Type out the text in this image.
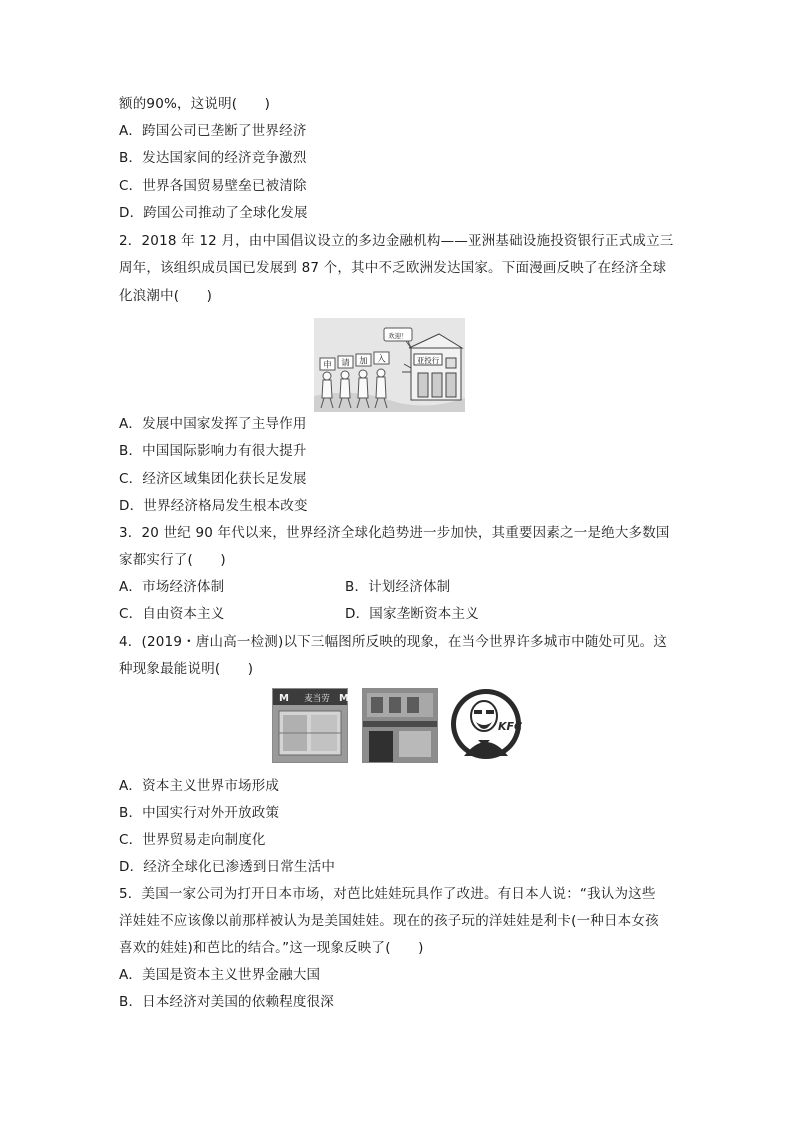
额的90%，这说明(　　)
A．跨国公司已垄断了世界经济
B．发达国家间的经济竞争激烈
C．世界各国贸易壁垒已被清除
D．跨国公司推动了全球化发展
2．2018 年 12 月，由中国倡议设立的多边金融机构——亚洲基础设施投资银行正式成立三
周年，该组织成员国已发展到 87 个，其中不乏欧洲发达国家。下面漫画反映了在经济全球
化浪潮中(　　)
申 请 加 入
欢迎！
亚投行
A．发展中国家发挥了主导作用
B．中国国际影响力有很大提升
C．经济区域集团化获长足发展
D．世界经济格局发生根本改变
3．20 世纪 90 年代以来，世界经济全球化趋势进一步加快，其重要因素之一是绝大多数国
家都实行了(　　)
A．市场经济体制	B．计划经济体制
C．自由资本主义	D．国家垄断资本主义
4．(2019・唐山高一检测)以下三幅图所反映的现象，在当今世界许多城市中随处可见。这
种现象最能说明(　　)
M 麦当劳 M
KFC
A．资本主义世界市场形成
B．中国实行对外开放政策
C．世界贸易走向制度化
D．经济全球化已渗透到日常生活中
5．美国一家公司为打开日本市场，对芭比娃娃玩具作了改进。有日本人说：“我认为这些
洋娃娃不应该像以前那样被认为是美国娃娃。现在的孩子玩的洋娃娃是利卡(一种日本女孩
喜欢的娃娃)和芭比的结合。”这一现象反映了(　　)
A．美国是资本主义世界金融大国
B．日本经济对美国的依赖程度很深
